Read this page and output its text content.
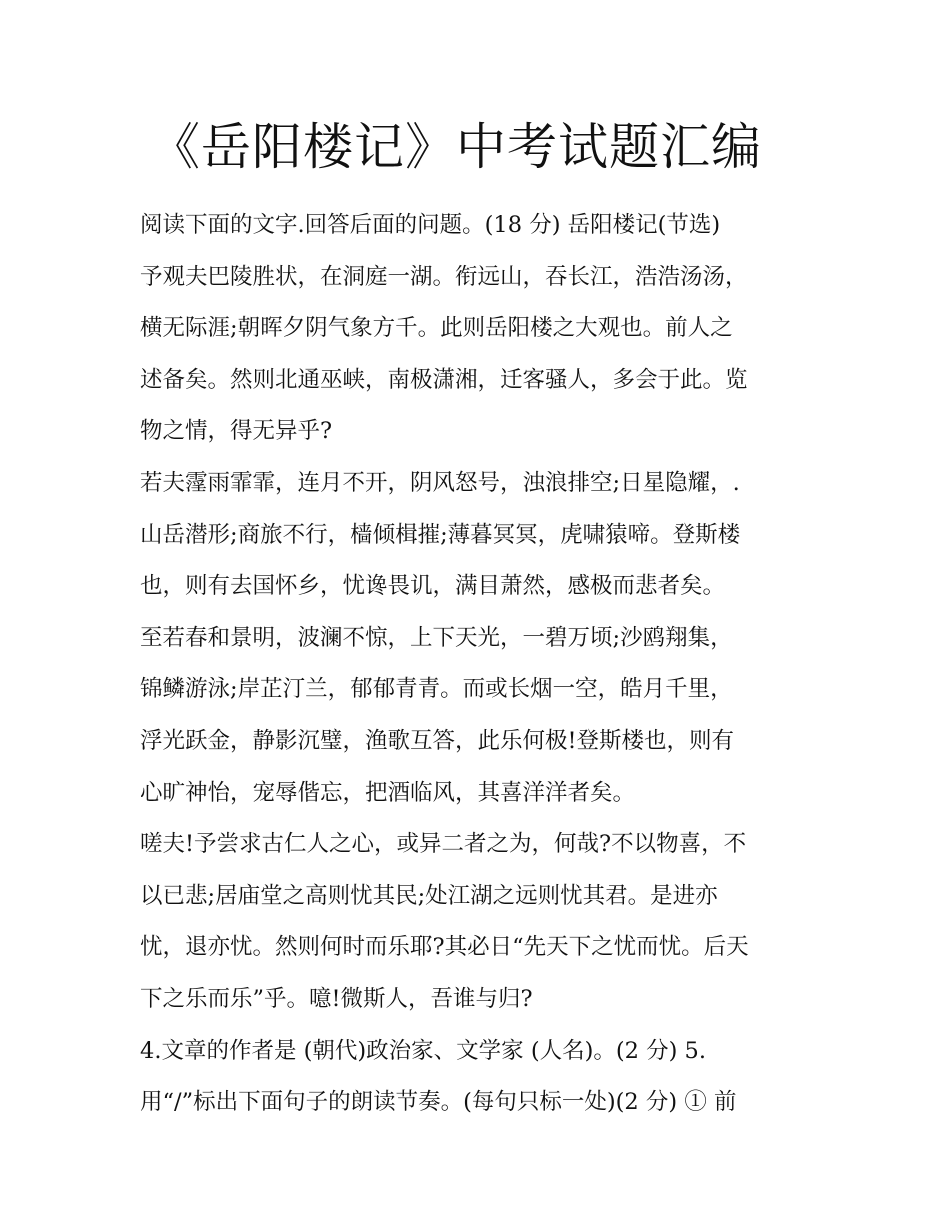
《岳阳楼记》中考试题汇编

阅读下面的文字.回答后面的问题。(18 分) 岳阳楼记(节选)

予观夫巴陵胜状，在洞庭一湖。衔远山，吞长江，浩浩汤汤，

横无际涯;朝晖夕阴气象方千。此则岳阳楼之大观也。前人之

述备矣。然则北通巫峡，南极潇湘，迁客骚人，多会于此。览

物之情，得无异乎?

若夫霪雨霏霏，连月不开，阴风怒号，浊浪排空;日星隐耀，.

山岳潜形;商旅不行，樯倾楫摧;薄暮冥冥，虎啸猿啼。登斯楼

也，则有去国怀乡，忧谗畏讥，满目萧然，感极而悲者矣。

至若春和景明，波澜不惊，上下天光，一碧万顷;沙鸥翔集，

锦鳞游泳;岸芷汀兰，郁郁青青。而或长烟一空，皓月千里，

浮光跃金，静影沉璧，渔歌互答，此乐何极!登斯楼也，则有

心旷神怡，宠辱偕忘，把酒临风，其喜洋洋者矣。

嗟夫!予尝求古仁人之心，或异二者之为，何哉?不以物喜，不

以已悲;居庙堂之高则忧其民;处江湖之远则忧其君。是进亦

忧，退亦忧。然则何时而乐耶?其必日“先天下之忧而忧。后天

下之乐而乐”乎。噫!微斯人，吾谁与归?

4.文章的作者是 (朝代)政治家、文学家 (人名)。(2 分) 5.

用“/”标出下面句子的朗读节奏。(每句只标一处)(2 分) ① 前
